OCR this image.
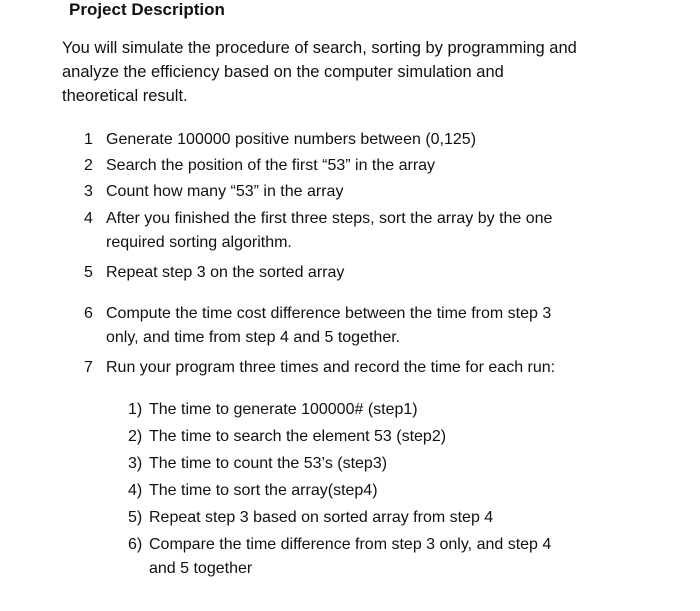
Project Description

You will simulate the procedure of search, sorting by programming and

analyze the efficiency based on the computer simulation and

theoretical result.

1 Generate 100000 positive numbers between (0,125)

2 Search the position of the first “53” in the array

3 Count how many “53” in the array

4 After you finished the first three steps, sort the array by the one

required sorting algorithm.

5 Repeat step 3 on the sorted array

6 Compute the time cost difference between the time from step 3

only, and time from step 4 and 5 together.

7 Run your program three times and record the time for each run:

1) The time to generate 100000# (step1)

2) The time to search the element 53 (step2)

3) The time to count the 53’s (step3)

4) The time to sort the array(step4)

5) Repeat step 3 based on sorted array from step 4

6) Compare the time difference from step 3 only, and step 4

and 5 together
